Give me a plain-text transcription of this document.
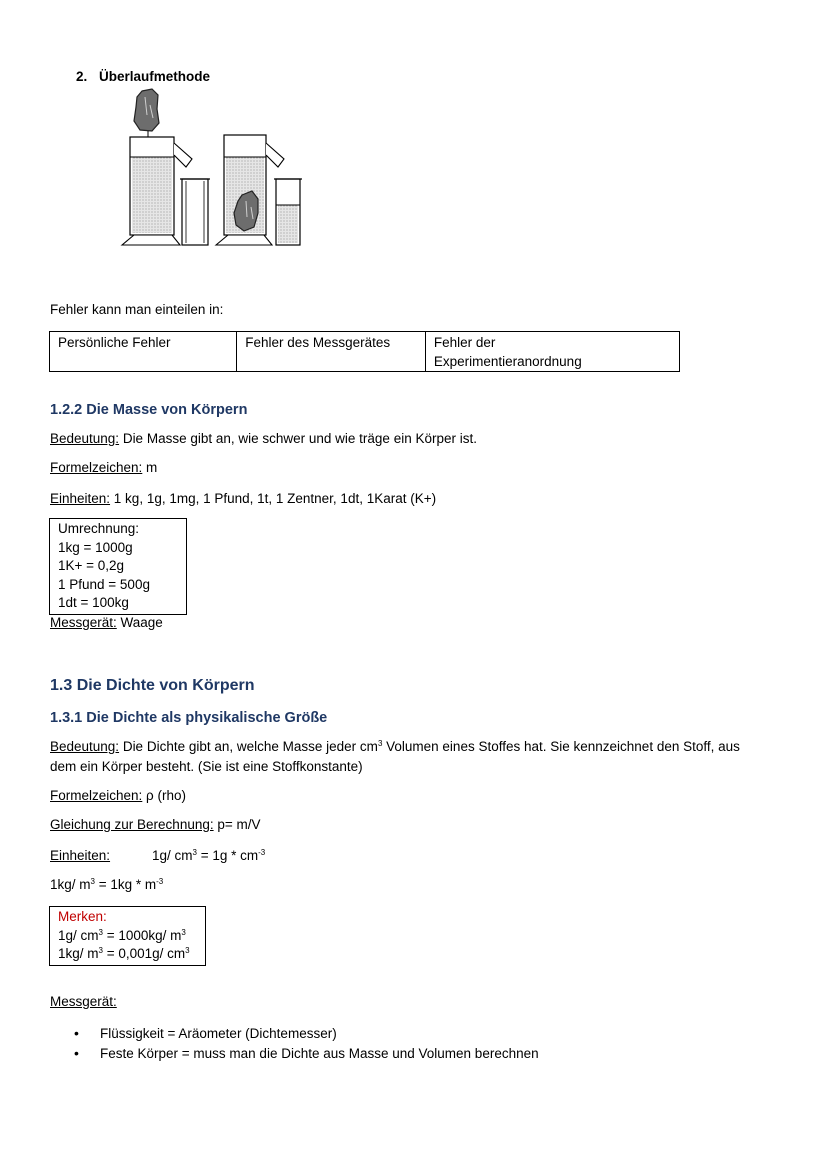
2. Überlaufmethode
Fehler kann man einteilen in:
Persönliche Fehler	Fehler des Messgerätes	Fehler der Experimentieranordnung
1.2.2 Die Masse von Körpern
Bedeutung: Die Masse gibt an, wie schwer und wie träge ein Körper ist.
Formelzeichen: m
Einheiten: 1 kg, 1g, 1mg, 1 Pfund, 1t, 1 Zentner, 1dt, 1Karat (K+)
Umrechnung:
1kg = 1000g
1K+ = 0,2g
1 Pfund = 500g
1dt = 100kg
Messgerät: Waage
1.3 Die Dichte von Körpern
1.3.1 Die Dichte als physikalische Größe
Bedeutung: Die Dichte gibt an, welche Masse jeder $cm^3$ Volumen eines Stoffes hat. Sie kennzeichnet den Stoff, aus
dem ein Körper besteht. (Sie ist eine Stoffkonstante)
Formelzeichen: ρ (rho)
Gleichung zur Berechnung: p= m/V
Einheiten:	1g/ $cm^3 = 1g * cm^{-3}$
1kg/ $m^3 = 1kg * m^{-3}$
Merken:
1g/ $cm^3 = 1000kg/$ $m^3$
1kg/ $m^3 = 0,001g/$ $cm^3$
Messgerät:
• Flüssigkeit = Aräometer (Dichtemesser)
• Feste Körper = muss man die Dichte aus Masse und Volumen berechnen
